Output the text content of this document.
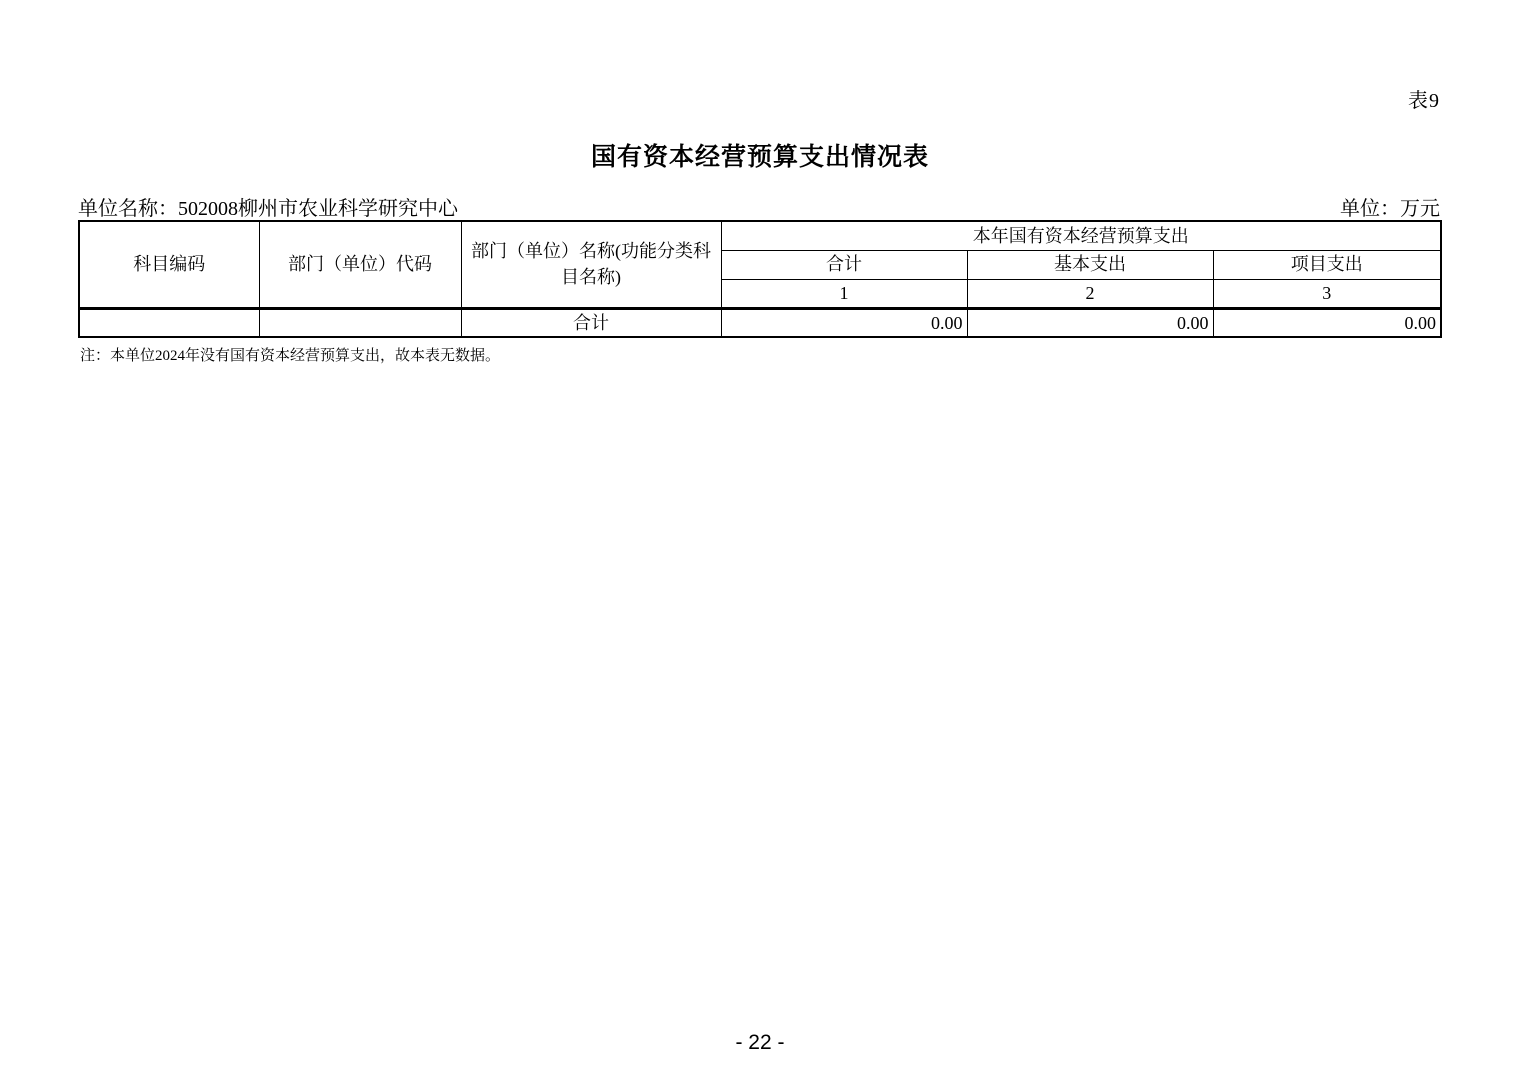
表9
国有资本经营预算支出情况表
单位名称：502008柳州市农业科学研究中心	单位：万元
科目编码	部门（单位）代码	部门（单位）名称(功能分类科目名称)	本年国有资本经营预算支出		
			合计	基本支出	项目支出
			1	2	3
		合计	0.00	0.00	0.00
注：本单位2024年没有国有资本经营预算支出，故本表无数据。
- 22 -
